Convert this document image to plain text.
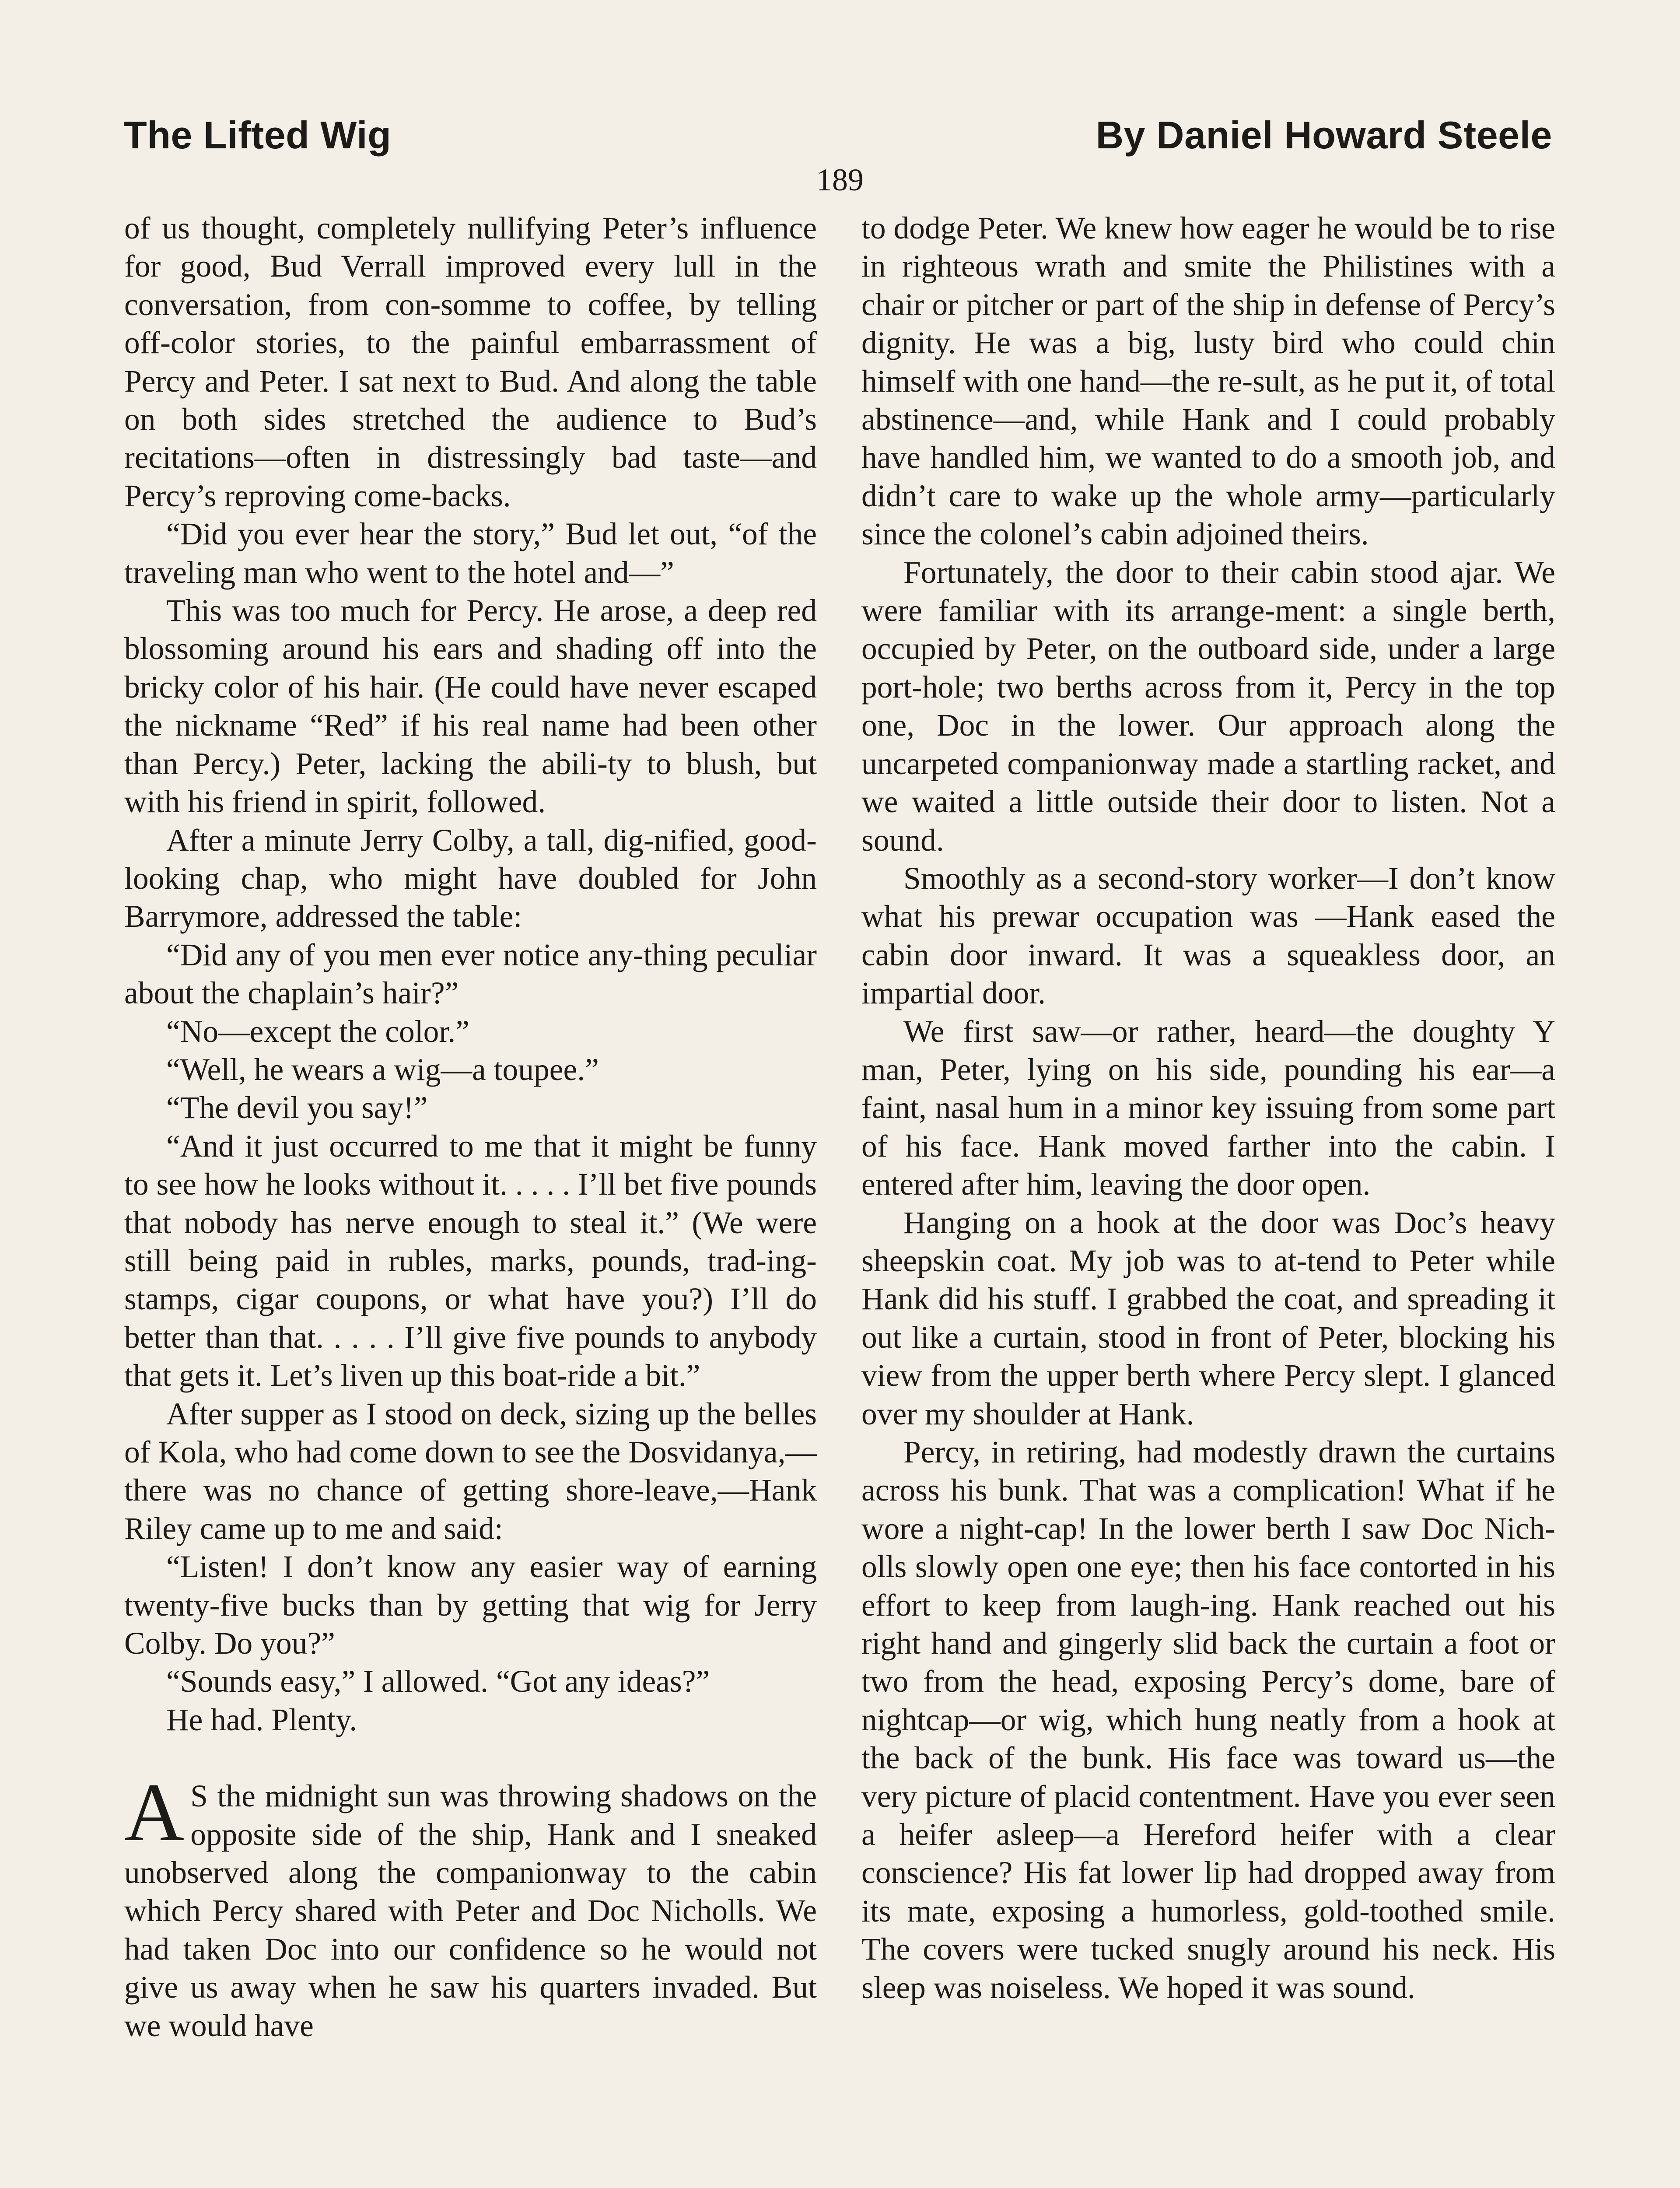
The Lifted Wig	By Daniel Howard Steele
189

of us thought, completely nullifying Peter’s influence for good, Bud Verrall improved every lull in the conversation, from con-somme to coffee, by telling off-color stories, to the painful embarrassment of Percy and Peter. I sat next to Bud. And along the table on both sides stretched the audience to Bud’s recitations—often in distressingly bad taste—and Percy’s reproving come-backs.

“Did you ever hear the story,” Bud let out, “of the traveling man who went to the hotel and—”

This was too much for Percy. He arose, a deep red blossoming around his ears and shading off into the bricky color of his hair. (He could have never escaped the nickname “Red” if his real name had been other than Percy.) Peter, lacking the abili-ty to blush, but with his friend in spirit, followed.

After a minute Jerry Colby, a tall, dig-nified, good-looking chap, who might have doubled for John Barrymore, addressed the table:

“Did any of you men ever notice any-thing peculiar about the chaplain’s hair?”

“No—except the color.”

“Well, he wears a wig—a toupee.”

“The devil you say!”

“And it just occurred to me that it might be funny to see how he looks without it. . . . . I’ll bet five pounds that nobody has nerve enough to steal it.” (We were still being paid in rubles, marks, pounds, trad-ing-stamps, cigar coupons, or what have you?) I’ll do better than that. . . . . I’ll give five pounds to anybody that gets it. Let’s liven up this boat-ride a bit.”

After supper as I stood on deck, sizing up the belles of Kola, who had come down to see the Dosvidanya,—there was no chance of getting shore-leave,—Hank Riley came up to me and said:

“Listen! I don’t know any easier way of earning twenty-five bucks than by getting that wig for Jerry Colby. Do you?”

“Sounds easy,” I allowed. “Got any ideas?”

He had. Plenty.

A S the midnight sun was throwing shadows on the opposite side of the ship, Hank and I sneaked unobserved along the companionway to the cabin which Percy shared with Peter and Doc Nicholls. We had taken Doc into our confidence so he would not give us away when he saw his quarters invaded. But we would have

to dodge Peter. We knew how eager he would be to rise in righteous wrath and smite the Philistines with a chair or pitcher or part of the ship in defense of Percy’s dignity. He was a big, lusty bird who could chin himself with one hand—the re-sult, as he put it, of total abstinence—and, while Hank and I could probably have handled him, we wanted to do a smooth job, and didn’t care to wake up the whole army—particularly since the colonel’s cabin adjoined theirs.

Fortunately, the door to their cabin stood ajar. We were familiar with its arrange-ment: a single berth, occupied by Peter, on the outboard side, under a large port-hole; two berths across from it, Percy in the top one, Doc in the lower. Our approach along the uncarpeted companionway made a startling racket, and we waited a little outside their door to listen. Not a sound.

Smoothly as a second-story worker—I don’t know what his prewar occupation was —Hank eased the cabin door inward. It was a squeakless door, an impartial door.

We first saw—or rather, heard—the doughty Y man, Peter, lying on his side, pounding his ear—a faint, nasal hum in a minor key issuing from some part of his face. Hank moved farther into the cabin. I entered after him, leaving the door open.

Hanging on a hook at the door was Doc’s heavy sheepskin coat. My job was to at-tend to Peter while Hank did his stuff. I grabbed the coat, and spreading it out like a curtain, stood in front of Peter, blocking his view from the upper berth where Percy slept. I glanced over my shoulder at Hank.

Percy, in retiring, had modestly drawn the curtains across his bunk. That was a complication! What if he wore a night-cap! In the lower berth I saw Doc Nich-olls slowly open one eye; then his face contorted in his effort to keep from laugh-ing. Hank reached out his right hand and gingerly slid back the curtain a foot or two from the head, exposing Percy’s dome, bare of nightcap—or wig, which hung neatly from a hook at the back of the bunk. His face was toward us—the very picture of placid contentment. Have you ever seen a heifer asleep—a Hereford heifer with a clear conscience? His fat lower lip had dropped away from its mate, exposing a humorless, gold-toothed smile. The covers were tucked snugly around his neck. His sleep was noiseless. We hoped it was sound.
